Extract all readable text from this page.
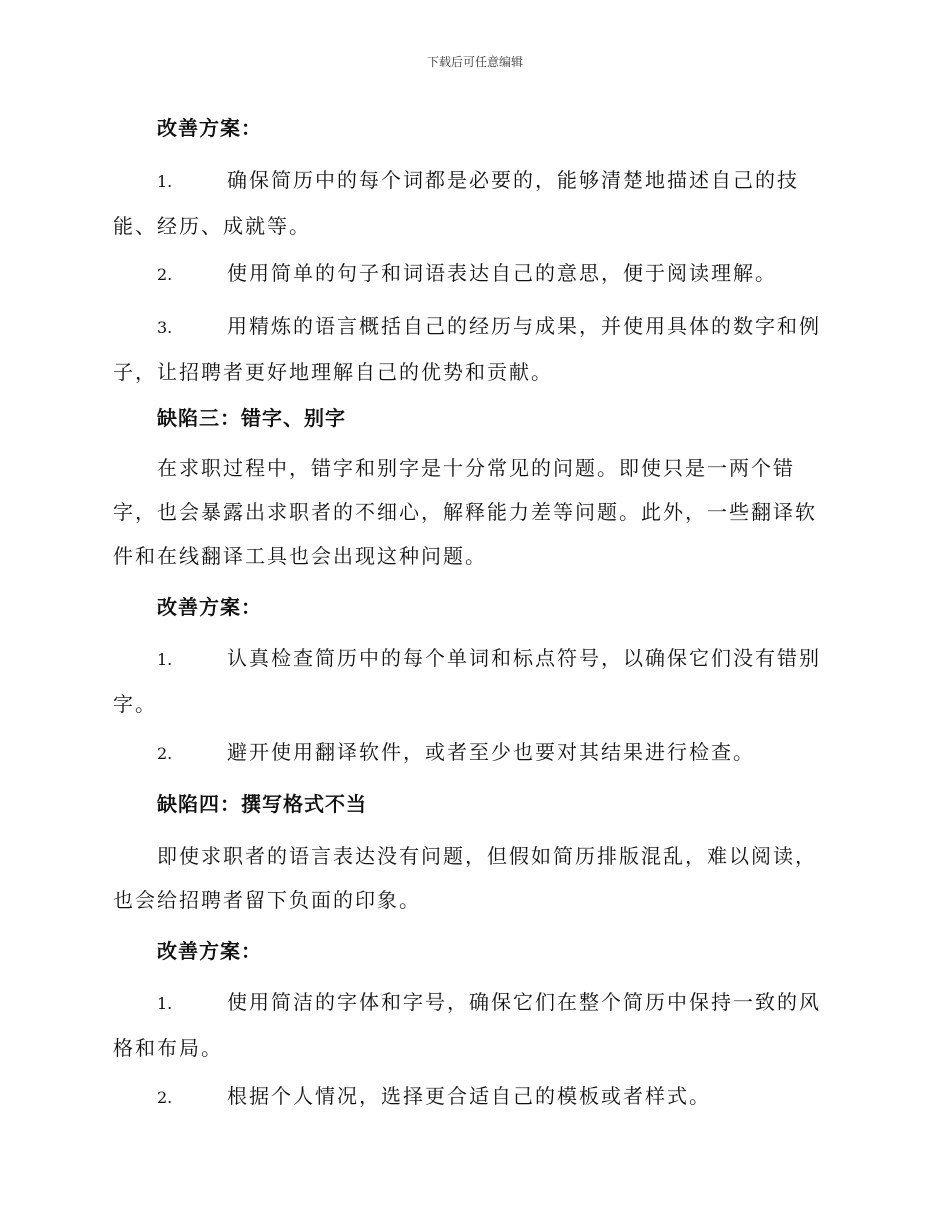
下载后可任意编辑

改善方案：

1.	确保简历中的每个词都是必要的，能够清楚地描述自己的技能、经历、成就等。

2.	使用简单的句子和词语表达自己的意思，便于阅读理解。

3.	用精炼的语言概括自己的经历与成果，并使用具体的数字和例子，让招聘者更好地理解自己的优势和贡献。

缺陷三：错字、别字

在求职过程中，错字和别字是十分常见的问题。即使只是一两个错字，也会暴露出求职者的不细心，解释能力差等问题。此外，一些翻译软件和在线翻译工具也会出现这种问题。

改善方案：

1.	认真检查简历中的每个单词和标点符号，以确保它们没有错别字。

2.	避开使用翻译软件，或者至少也要对其结果进行检查。

缺陷四：撰写格式不当

即使求职者的语言表达没有问题，但假如简历排版混乱，难以阅读，也会给招聘者留下负面的印象。

改善方案：

1.	使用简洁的字体和字号，确保它们在整个简历中保持一致的风格和布局。

2.	根据个人情况，选择更合适自己的模板或者样式。
